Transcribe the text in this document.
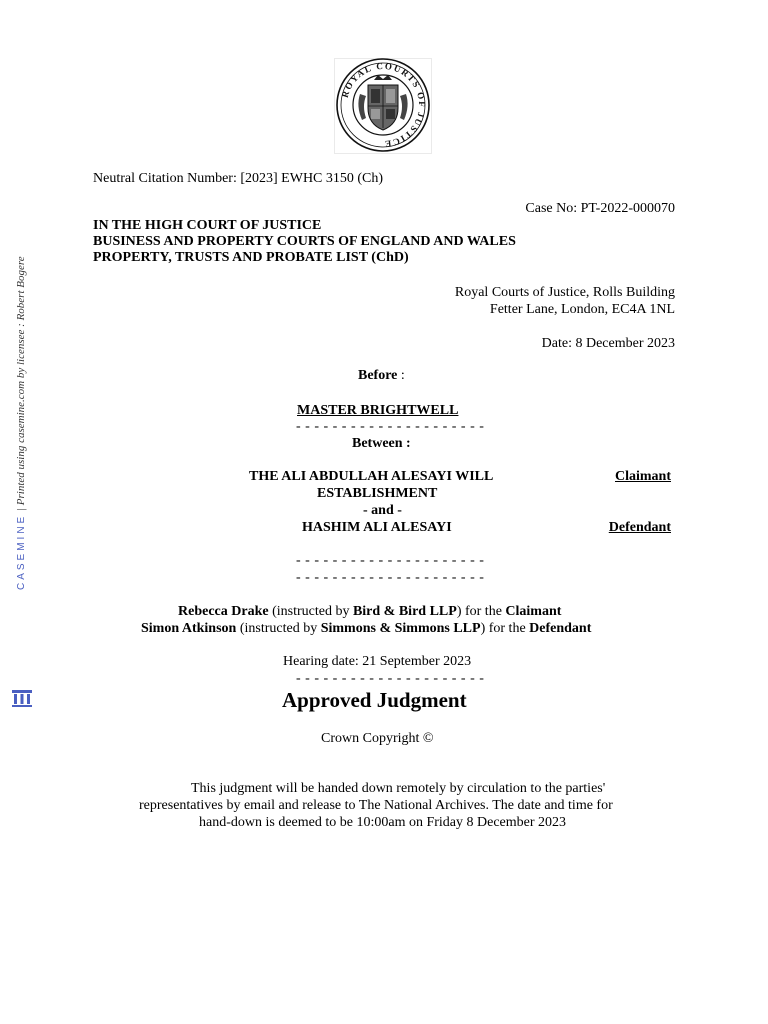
ROYAL COURTS OF JUSTICE
CASEMINE | Printed using casemine.com by licensee : Robert Bogere
Neutral Citation Number: [2023] EWHC 3150 (Ch)
Case No: PT-2022-000070
IN THE HIGH COURT OF JUSTICE
BUSINESS AND PROPERTY COURTS OF ENGLAND AND WALES
PROPERTY, TRUSTS AND PROBATE LIST (ChD)
Royal Courts of Justice, Rolls Building
Fetter Lane, London, EC4A 1NL
Date: 8 December 2023
Before :
MASTER BRIGHTWELL
- - - - - - - - - - - - - - - - - - - - -
Between :
THE ALI ABDULLAH ALESAYI WILL
ESTABLISHMENT
Claimant
- and -
HASHIM ALI ALESAYI	Defendant
- - - - - - - - - - - - - - - - - - - - -
- - - - - - - - - - - - - - - - - - - - -
Rebecca Drake (instructed by Bird & Bird LLP) for the Claimant
Simon Atkinson (instructed by Simmons & Simmons LLP) for the Defendant
Hearing date: 21 September 2023
- - - - - - - - - - - - - - - - - - - - -
Approved Judgment
Crown Copyright ©
This judgment will be handed down remotely by circulation to the parties'
representatives by email and release to The National Archives. The date and time for
hand-down is deemed to be 10:00am on Friday 8 December 2023
